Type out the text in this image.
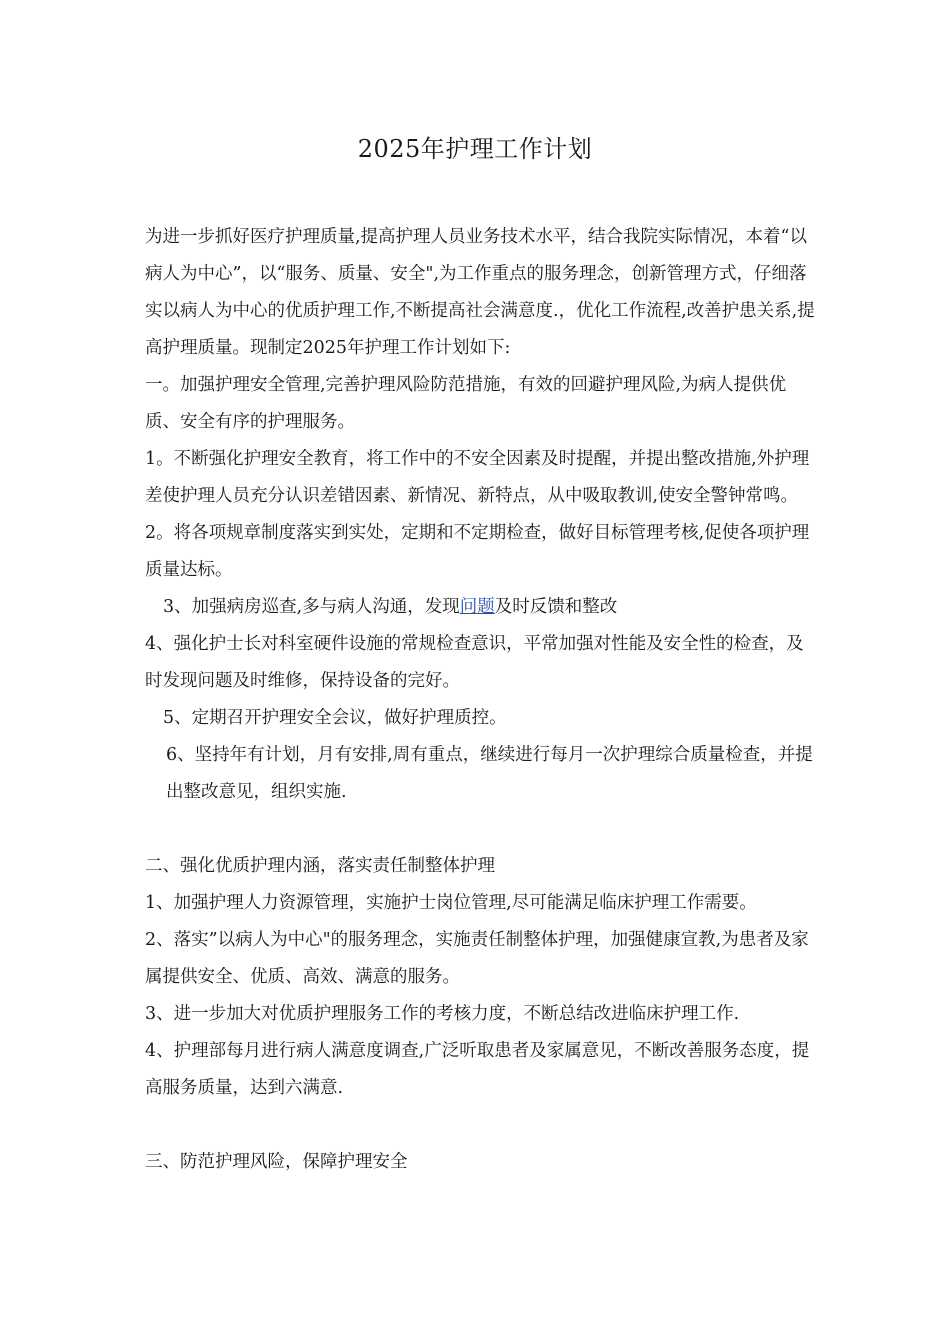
2025年护理工作计划

为进一步抓好医疗护理质量,提高护理人员业务技术水平，结合我院实际情况，本着“以病人为中心”，以“服务、质量、安全",为工作重点的服务理念，创新管理方式，仔细落实以病人为中心的优质护理工作,不断提高社会满意度.，优化工作流程,改善护患关系,提高护理质量。现制定2025年护理工作计划如下:

一。加强护理安全管理,完善护理风险防范措施，有效的回避护理风险,为病人提供优质、安全有序的护理服务。

1。不断强化护理安全教育，将工作中的不安全因素及时提醒，并提出整改措施,外护理差使护理人员充分认识差错因素、新情况、新特点，从中吸取教训,使安全警钟常鸣。

2。将各项规章制度落实到实处，定期和不定期检查，做好目标管理考核,促使各项护理质量达标。

3、加强病房巡查,多与病人沟通，发现问题及时反馈和整改

4、强化护士长对科室硬件设施的常规检查意识，平常加强对性能及安全性的检查，及时发现问题及时维修，保持设备的完好。

5、定期召开护理安全会议，做好护理质控。

6、坚持年有计划，月有安排,周有重点，继续进行每月一次护理综合质量检查，并提出整改意见，组织实施.

二、强化优质护理内涵，落实责任制整体护理

1、加强护理人力资源管理，实施护士岗位管理,尽可能满足临床护理工作需要。

2、落实”以病人为中心"的服务理念，实施责任制整体护理，加强健康宣教,为患者及家属提供安全、优质、高效、满意的服务。

3、进一步加大对优质护理服务工作的考核力度，不断总结改进临床护理工作.

4、护理部每月进行病人满意度调查,广泛听取患者及家属意见，不断改善服务态度，提高服务质量，达到六满意.

三、防范护理风险，保障护理安全
